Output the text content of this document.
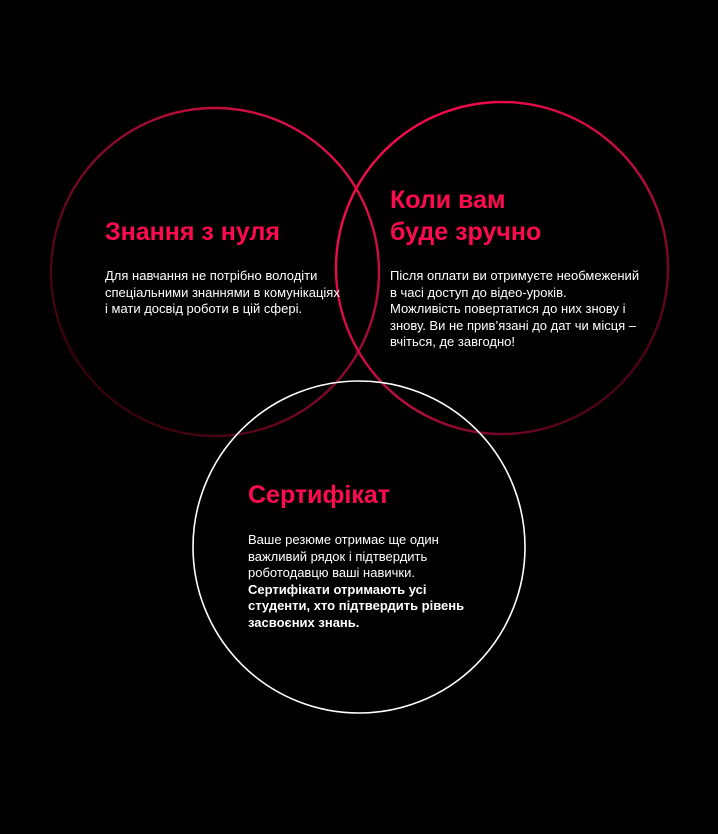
Знання з нуля

Для навчання не потрібно володіти спеціальними знаннями в комунікаціях і мати досвід роботи в цій сфері.

Коли вам
буде зручно

Після оплати ви отримуєте необмежений в часі доступ до відео-уроків. Можливість повертатися до них знову і знову. Ви не прив’язані до дат чи місця – вчіться, де завгодно!

Сертифікат

Ваше резюме отримає ще один важливий рядок і підтвердить роботодавцю ваші навички. Сертифікати отримають усі студенти, хто підтвердить рівень засвоєних знань.
